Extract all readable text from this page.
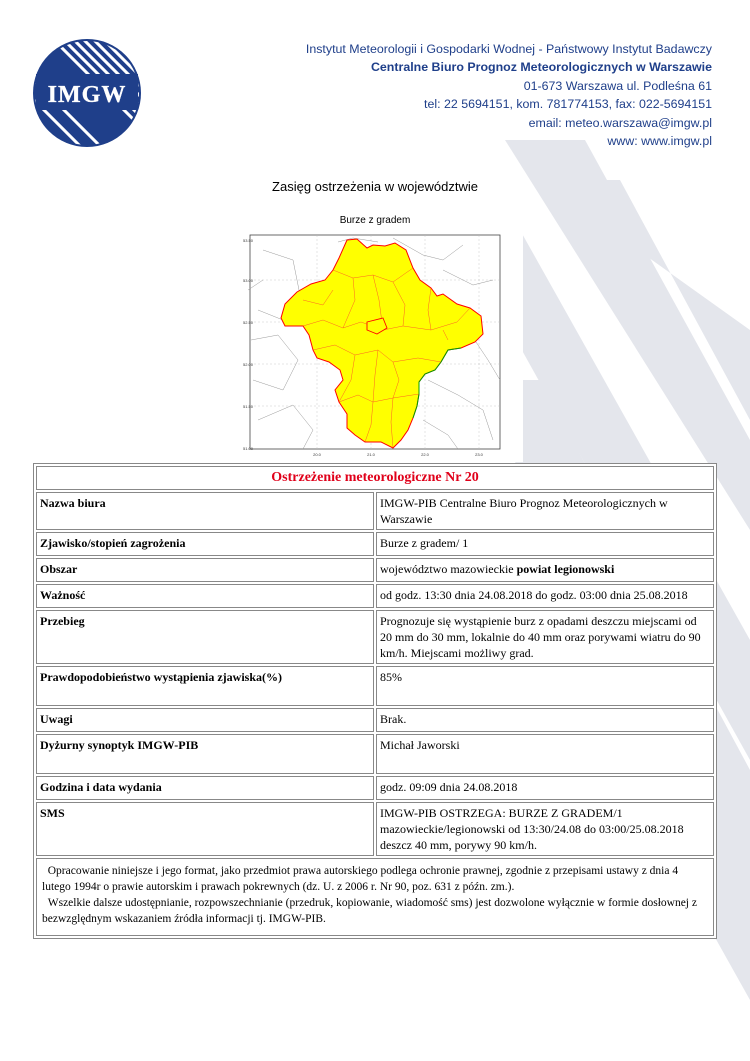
IMGW
Instytut Meteorologii i Gospodarki Wodnej - Państwowy Instytut Badawczy
Centralne Biuro Prognoz Meteorologicznych w Warszawie
01-673 Warszawa ul. Podleśna 61
tel: 22 5694151, kom. 781774153, fax: 022-5694151
email: meteo.warszawa@imgw.pl
www: www.imgw.pl
Zasięg ostrzeżenia w województwie
Burze z gradem
53.50
53.00
52.50
52.00
51.50
51.00
20.0	21.0	22.0	23.0
Ostrzeżenie meteorologiczne Nr 20	
Nazwa biura	IMGW-PIB Centralne Biuro Prognoz Meteorologicznych w Warszawie
Zjawisko/stopień zagrożenia	Burze z gradem/ 1
Obszar	województwo mazowieckie powiat legionowski
Ważność	od godz. 13:30 dnia 24.08.2018 do godz. 03:00 dnia 25.08.2018
Przebieg	Prognozuje się wystąpienie burz z opadami deszczu miejscami od 20 mm do 30 mm, lokalnie do 40 mm oraz porywami wiatru do 90 km/h. Miejscami możliwy grad.
Prawdopodobieństwo wystąpienia zjawiska(%)	85%
Uwagi	Brak.
Dyżurny synoptyk IMGW-PIB	Michał Jaworski
Godzina i data wydania	godz. 09:09 dnia 24.08.2018
SMS	IMGW-PIB OSTRZEGA: BURZE Z GRADEM/1 mazowieckie/legionowski od 13:30/24.08 do 03:00/25.08.2018 deszcz 40 mm, porywy 90 km/h.

Opracowanie niniejsze i jego format, jako przedmiot prawa autorskiego podlega ochronie prawnej, zgodnie z przepisami ustawy z dnia 4 lutego 1994r o prawie autorskim i prawach pokrewnych (dz. U. z 2006 r. Nr 90, poz. 631 z późn. zm.).

Wszelkie dalsze udostępnianie, rozpowszechnianie (przedruk, kopiowanie, wiadomość sms) jest dozwolone wyłącznie w formie dosłownej z bezwzględnym wskazaniem źródła informacji tj. IMGW-PIB.	
